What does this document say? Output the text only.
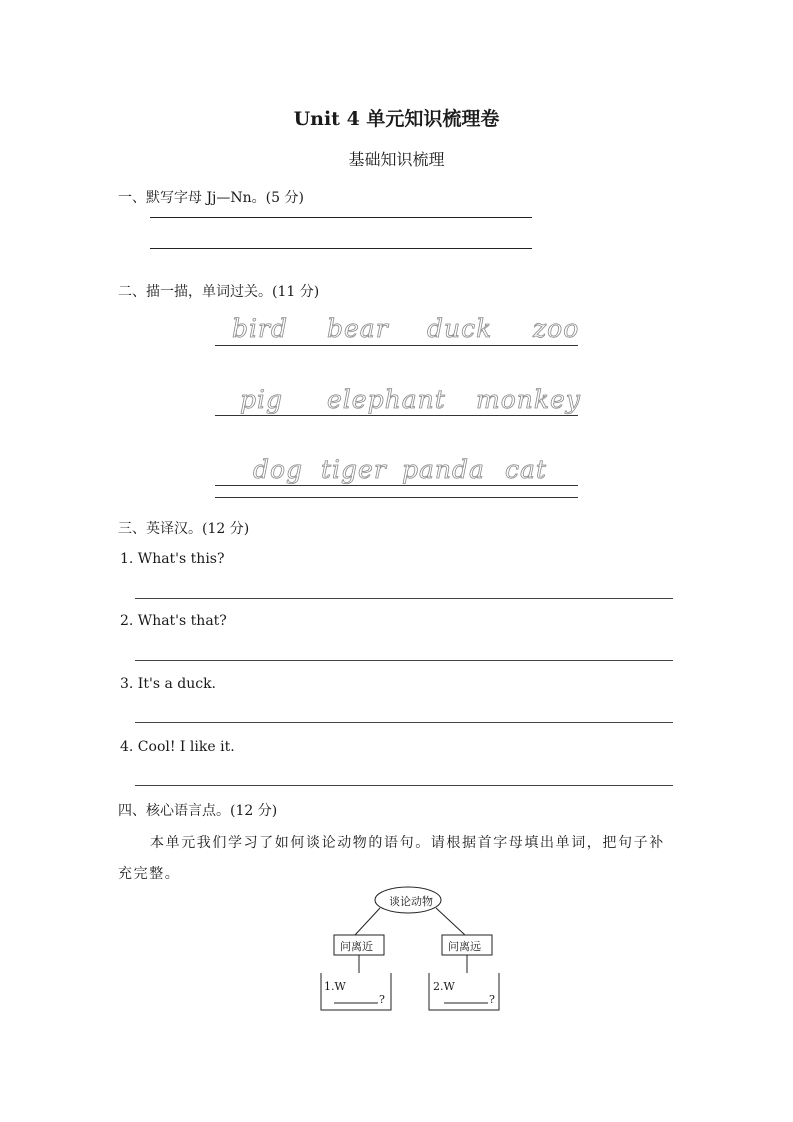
Unit 4 单元知识梳理卷
基础知识梳理
一、默写字母 Jj—Nn。(5 分)
二、描一描，单词过关。(11 分)
bird bear duck zoo
pig elephant monkey
dog tiger panda cat
三、英译汉。(12 分)
1. What's this?
2. What's that?
3. It's a duck.
4. Cool! I like it.
四、核心语言点。(12 分)
本单元我们学习了如何谈论动物的语句。请根据首字母填出单词，把句子补
充完整。
谈论动物
问离近	问离远
1.W	2.W
?	?
